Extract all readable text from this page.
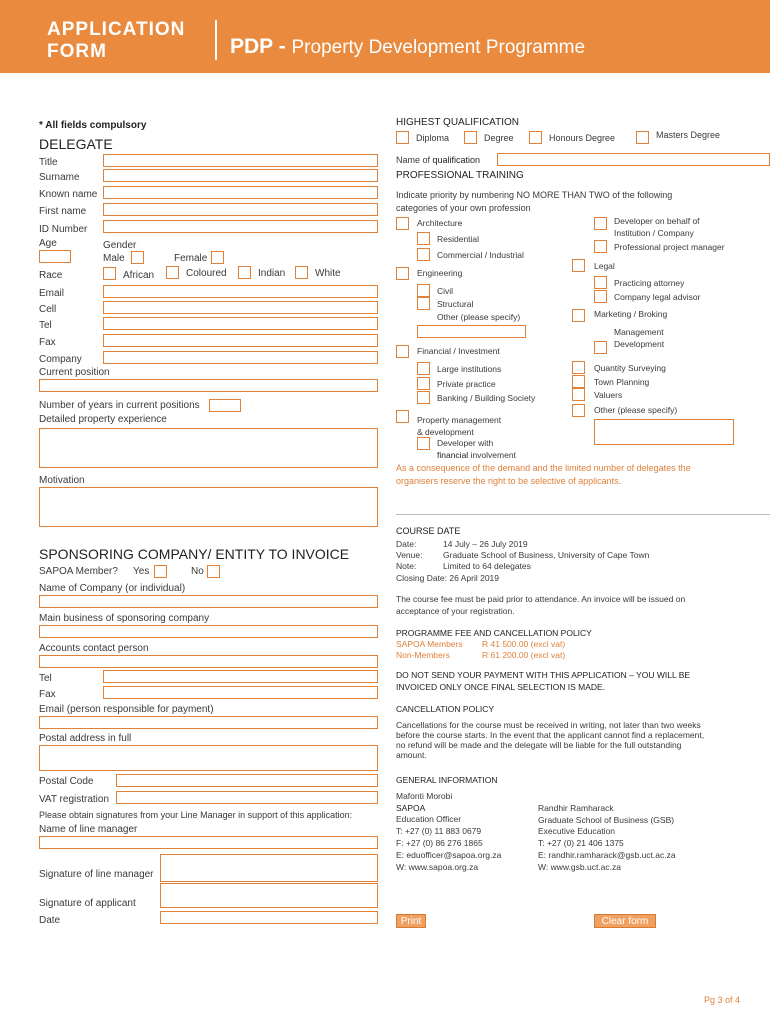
APPLICATION
FORM	PDP - Property Development Programme
* All fields compulsory
DELEGATE
Title
Surname
Known name
First name
ID Number
Age	Gender
Male	Female
Race	African	Coloured	Indian	White
Email
Cell
Tel
Fax
Company
Current position
Number of years in current positions
Detailed property experience
Motivation
SPONSORING COMPANY/ ENTITY TO INVOICE
SAPOA Member? Yes	No
Name of Company (or individual)
Main business of sponsoring company
Accounts contact person
Tel
Fax
Email (person responsible for payment)
Postal address in full
Postal Code
VAT registration
Please obtain signatures from your Line Manager in support of this application:
Name of line manager
Signature of line manager
Signature of applicant
Date
HIGHEST QUALIFICATION
Diploma	Degree	Honours Degree	Masters Degree
Name of qualification
PROFESSIONAL TRAINING
Indicate priority by numbering NO MORE THAN TWO of the following
categories of your own profession
Architecture
Residential
Commercial / Industrial
Engineering
Civil
Structural
Other (please specify)
Financial / Investment
Large institutions
Private practice
Banking / Building Society
Property management
& development
Developer with
financial involvement
Developer on behalf of
Institution / Company
Professional project manager
Legal
Practicing attorney
Company legal advisor
Marketing / Broking
Management
Development
Quantity Surveying
Town Planning
Valuers
Other (please specify)
As a consequence of the demand and the limited number of delegates the
organisers reserve the right to be selective of applicants.
COURSE DATE
Date:	14 July – 26 July 2019
Venue: Graduate School of Business, University of Cape Town
Note:	Limited to 64 delegates
Closing Date: 26 April 2019
The course fee must be paid prior to attendance. An invoice will be issued on
acceptance of your registration.
PROGRAMME FEE AND CANCELLATION POLICY
SAPOA Members R 41 500.00 (excl vat)
Non-Members	R 61 200.00 (excl vat)
DO NOT SEND YOUR PAYMENT WITH THIS APPLICATION – YOU WILL BE
INVOICED ONLY ONCE FINAL SELECTION IS MADE.
CANCELLATION POLICY
Cancellations for the course must be received in writing, not later than two weeks
before the course starts. In the event that the applicant cannot find a replacement,
no refund will be made and the delegate will be liable for the full outstanding
amount.
GENERAL INFORMATION
Mafonti Morobi
SAPOA
Education Officer
T: +27 (0) 11 883 0679
F: +27 (0) 86 276 1865
E: eduofficer@sapoa.org.za
W: www.sapoa.org.za
Randhir Ramharack
Graduate School of Business (GSB)
Executive Education
T: +27 (0) 21 406 1375
E: randhir.ramharack@gsb.uct.ac.za
W: www.gsb.uct.ac.za
Print	Clear form
Pg 3 of 4
